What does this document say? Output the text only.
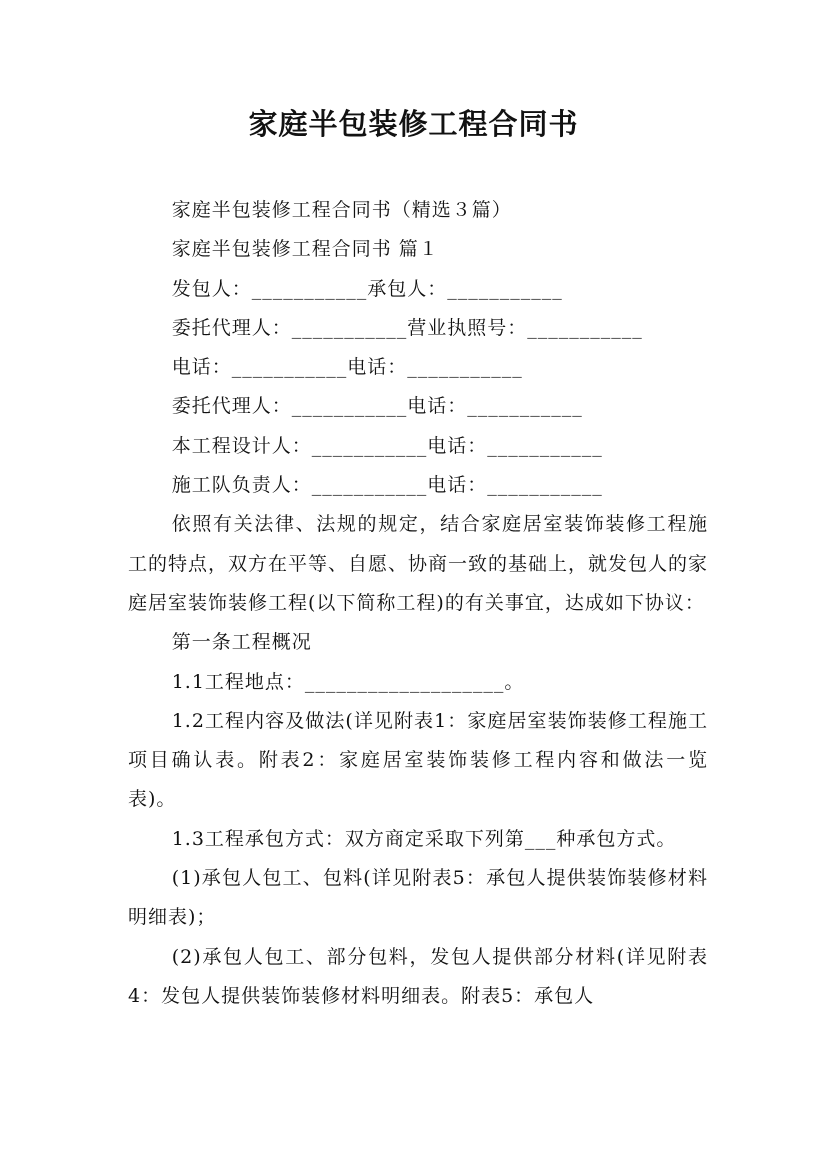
家庭半包装修工程合同书

家庭半包装修工程合同书（精选３篇）

家庭半包装修工程合同书 篇１

发包人：___________承包人：___________

委托代理人：___________营业执照号：___________

电话：___________电话：___________

委托代理人：___________电话：___________

本工程设计人：___________电话：___________

施工队负责人：___________电话：___________

依照有关法律、法规的规定，结合家庭居室装饰装修工程施工的特点，双方在平等、自愿、协商一致的基础上，就发包人的家庭居室装饰装修工程(以下简称工程)的有关事宜，达成如下协议：

第一条工程概况

1.1工程地点：___________________。

1.2工程内容及做法(详见附表1：家庭居室装饰装修工程施工项目确认表。附表2：家庭居室装饰装修工程内容和做法一览表)。

1.3工程承包方式：双方商定采取下列第___种承包方式。

(1)承包人包工、包料(详见附表5：承包人提供装饰装修材料明细表)；

(2)承包人包工、部分包料，发包人提供部分材料(详见附表4：发包人提供装饰装修材料明细表。附表5：承包人
